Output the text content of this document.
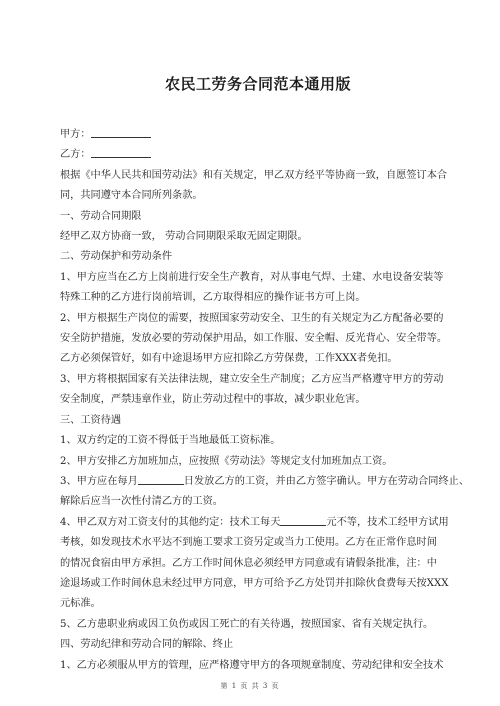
农民工劳务合同范本通用版

甲方：

乙方：

根据《中华人民共和国劳动法》和有关规定，甲乙双方经平等协商一致，自愿签订本合

同，共同遵守本合同所列条款。

一、劳动合同期限

经甲乙双方协商一致， 劳动合同期限采取无固定期限。

二、劳动保护和劳动条件

1、甲方应当在乙方上岗前进行安全生产教育，对从事电气焊、土建、水电设备安装等

特殊工种的乙方进行岗前培训，乙方取得相应的操作证书方可上岗。

2、甲方根据生产岗位的需要，按照国家劳动安全、卫生的有关规定为乙方配备必要的

安全防护措施，发放必要的劳动保护用品，如工作服、安全帽、反光背心、安全带等。

乙方必须保管好，如有中途退场甲方应扣除乙方劳保费，工作XXX者免扣。

3、甲方将根据国家有关法律法规，建立安全生产制度；乙方应当严格遵守甲方的劳动

安全制度，严禁违章作业，防止劳动过程中的事故，减少职业危害。

三、工资待遇

1、双方约定的工资不得低于当地最低工资标准。

2、甲方安排乙方加班加点，应按照《劳动法》等规定支付加班加点工资。

3、甲方应在每月	日发放乙方的工资，并由乙方签字确认。甲方在劳动合同终止、

解除后应当一次性付清乙方的工资。

4、甲乙双方对工资支付的其他约定：技术工每天	元不等，技术工经甲方试用

考核，如发现技术水平达不到施工要求工资另定或当力工使用。乙方在正常作息时间

的情况食宿由甲方承担。乙方工作时间休息必须经甲方同意或有请假条批准，注：中

途退场或工作时间休息未经过甲方同意，甲方可给予乙方处罚并扣除伙食费每天按XXX

元标准。

5、乙方患职业病或因工负伤或因工死亡的有关待遇，按照国家、省有关规定执行。

四、劳动纪律和劳动合同的解除、终止

1、乙方必须服从甲方的管理，应严格遵守甲方的各项规章制度、劳动纪律和安全技术

第 1 页 共 3 页
